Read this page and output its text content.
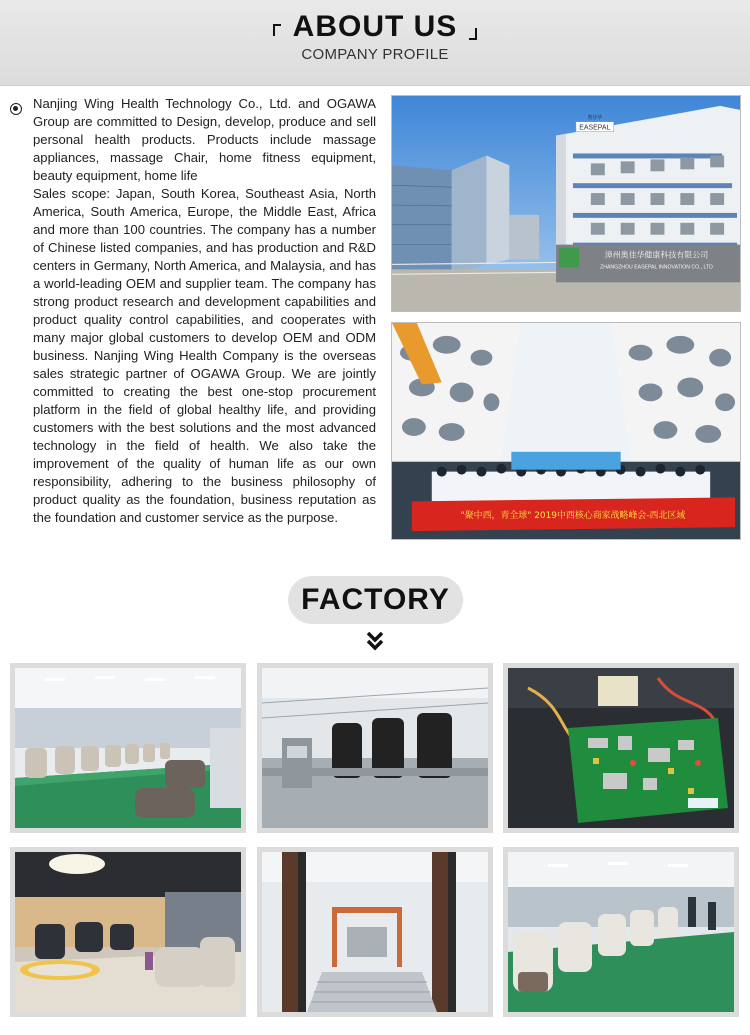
ABOUT US
COMPANY PROFILE

Nanjing Wing Health Technology Co., Ltd. and OGAWA Group are committed to Design, develop, produce and sell personal health products. Products include massage appliances, massage Chair, home fitness equipment, beauty equipment, home life

Sales scope: Japan, South Korea, Southeast Asia, North America, South America, Europe, the Middle East, Africa and more than 100 countries. The company has a number of Chinese listed companies, and has production and R&D centers in Germany, North America, and Malaysia, and has a world-leading OEM and supplier team. The company has strong product research and development capabilities and product quality control capabilities, and cooperates with many major global customers to develop OEM and ODM business. Nanjing Wing Health Company is the overseas sales strategic partner of OGAWA Group. We are jointly committed to creating the best one-stop procurement platform in the field of global healthy life, and providing customers with the best solutions and the most advanced technology in the field of health. We also take the improvement of the quality of human life as our own responsibility, adhering to the business philosophy of product quality as the foundation, business reputation as the foundation and customer service as the purpose.

EASEPAL
奥佳华
漳州奥佳华健康科技有限公司
ZHANGZHOU EASEPAL INNOVATION CO., LTD
"聚中西，青全球" 2019中西核心商家战略峰会-西北区域
FACTORY
